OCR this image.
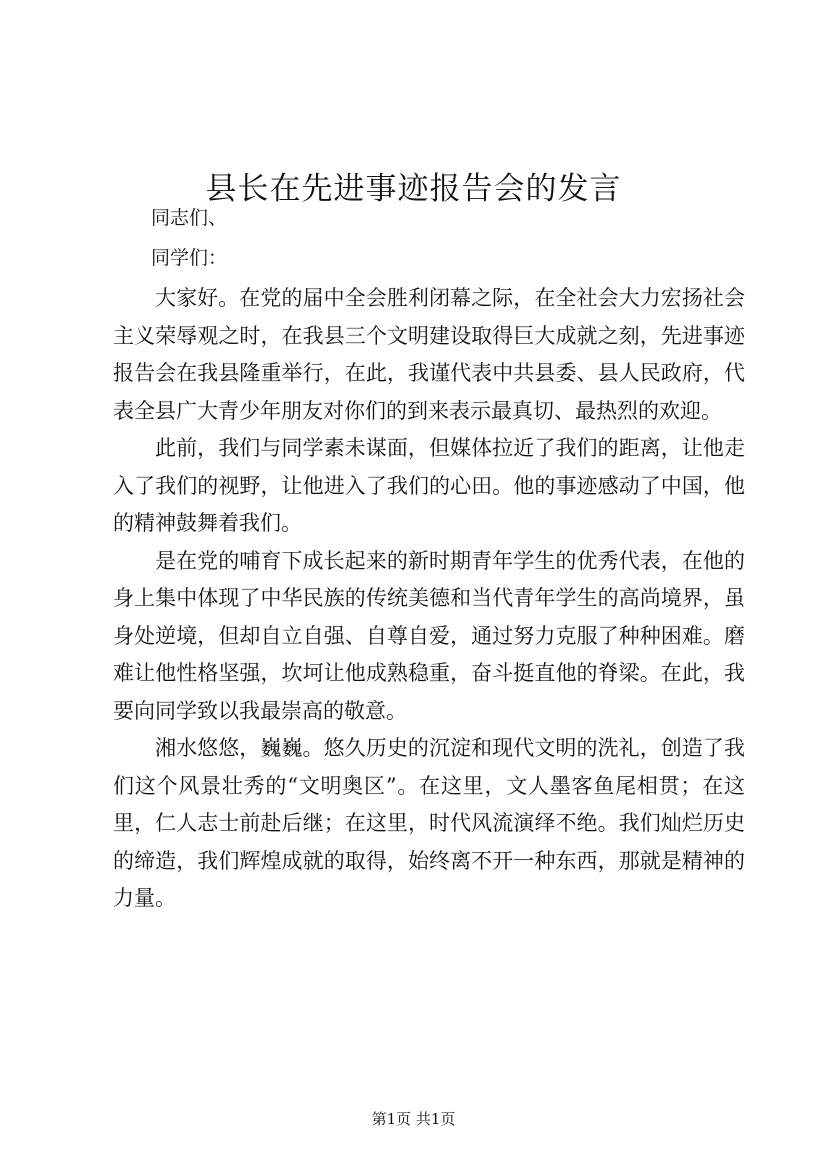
县长在先进事迹报告会的发言

同志们、

同学们：

大家好。在党的届中全会胜利闭幕之际，在全社会大力宏扬社会主义荣辱观之时，在我县三个文明建设取得巨大成就之刻，先进事迹报告会在我县隆重举行，在此，我谨代表中共县委、县人民政府，代表全县广大青少年朋友对你们的到来表示最真切、最热烈的欢迎。

此前，我们与同学素未谋面，但媒体拉近了我们的距离，让他走入了我们的视野，让他进入了我们的心田。他的事迹感动了中国，他的精神鼓舞着我们。

是在党的哺育下成长起来的新时期青年学生的优秀代表，在他的身上集中体现了中华民族的传统美德和当代青年学生的高尚境界，虽身处逆境，但却自立自强、自尊自爱，通过努力克服了种种困难。磨难让他性格坚强，坎坷让他成熟稳重，奋斗挺直他的脊梁。在此，我要向同学致以我最崇高的敬意。

湘水悠悠，巍巍。悠久历史的沉淀和现代文明的洗礼，创造了我们这个风景壮秀的“文明奥区”。在这里，文人墨客鱼尾相贯；在这里，仁人志士前赴后继；在这里，时代风流演绎不绝。我们灿烂历史的缔造，我们辉煌成就的取得，始终离不开一种东西，那就是精神的力量。

第1页 共1页
